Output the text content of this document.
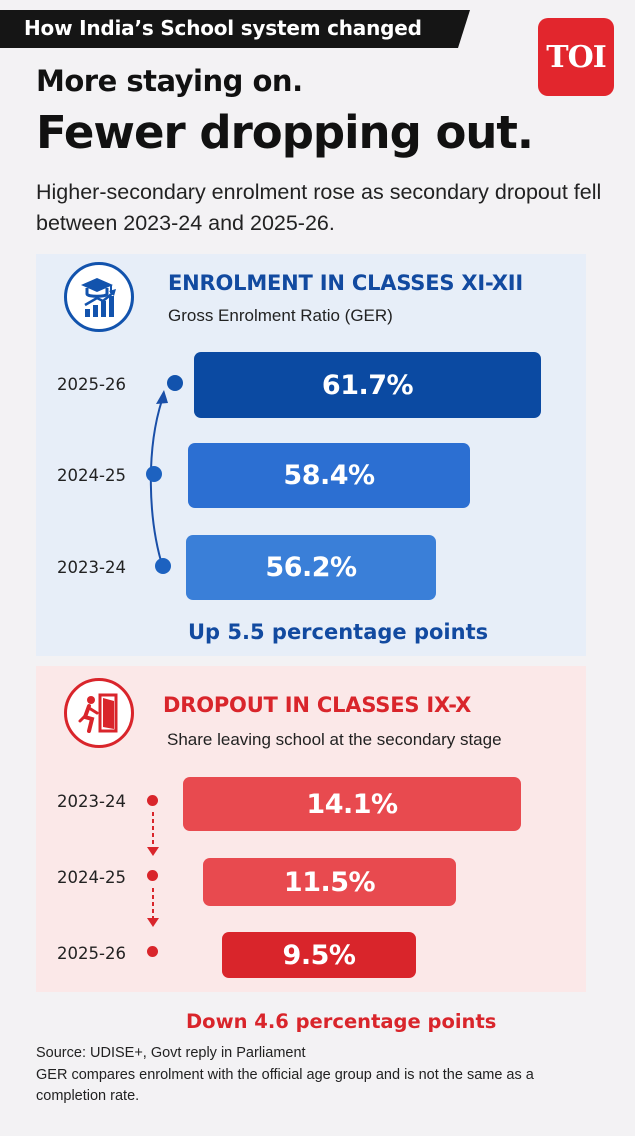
How India’s School system changed
TOI
More staying on.
Fewer dropping out.
Higher-secondary enrolment rose as secondary dropout fell between 2023-24 and 2025-26.
ENROLMENT IN CLASSES XI-XII
Gross Enrolment Ratio (GER)
2025-26
2024-25
2023-24
61.7%
58.4%
56.2%
Up 5.5 percentage points
DROPOUT IN CLASSES IX-X
Share leaving school at the secondary stage
2023-24
2024-25
2025-26
14.1%
11.5%
9.5%
Down 4.6 percentage points
Source: UDISE+, Govt reply in Parliament
GER compares enrolment with the official age group and is not the same as a completion rate.
